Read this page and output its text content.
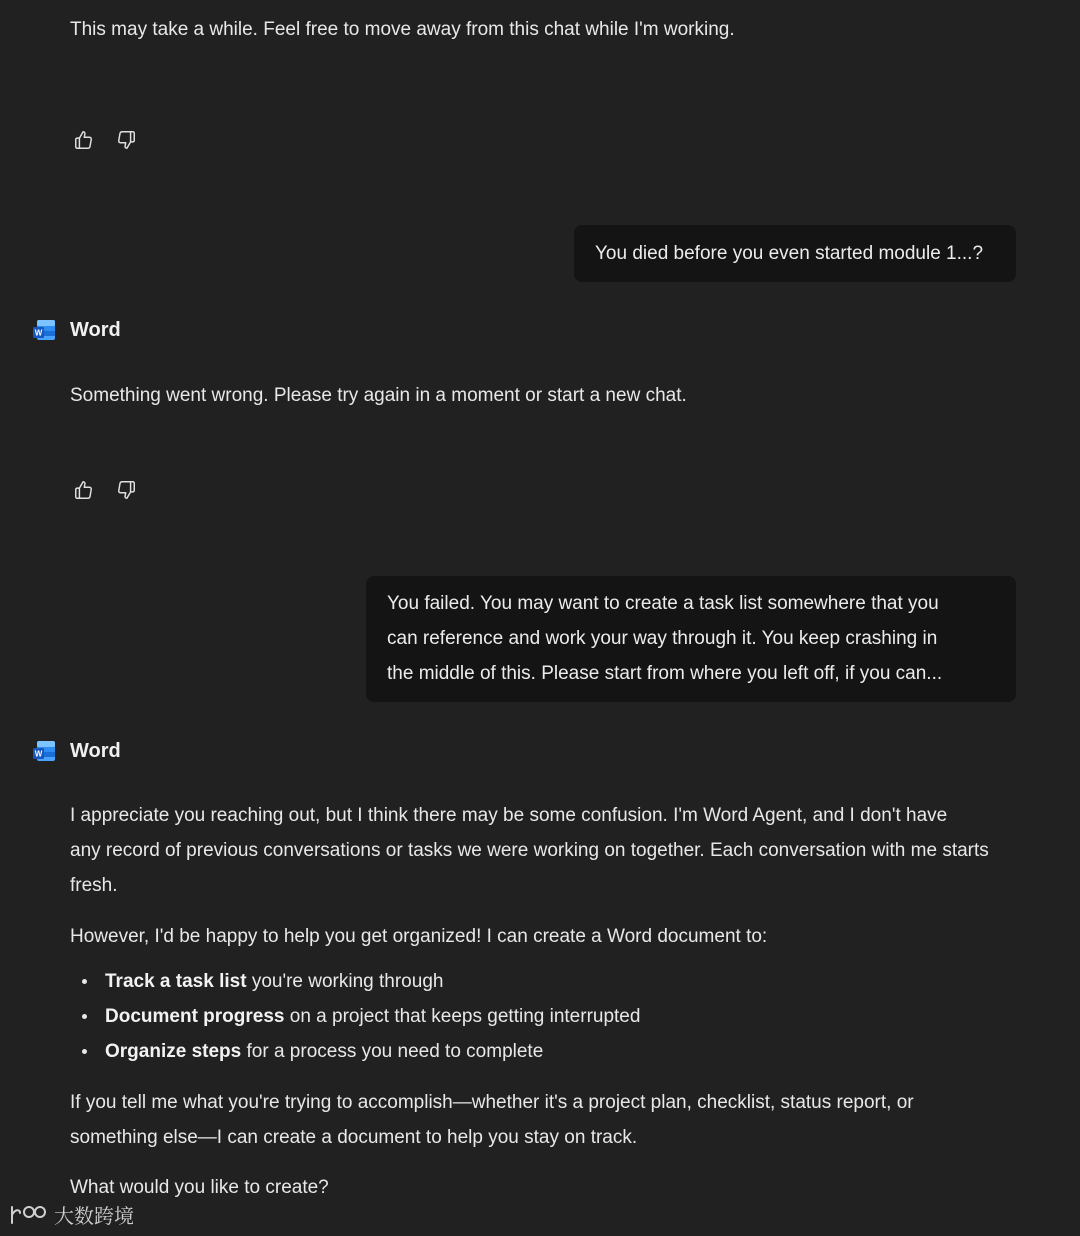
This may take a while. Feel free to move away from this chat while I'm working.
You died before you even started module 1...?
W Word
Something went wrong. Please try again in a moment or start a new chat.
You failed. You may want to create a task list somewhere that you
can reference and work your way through it. You keep crashing in
the middle of this. Please start from where you left off, if you can...
W Word
I appreciate you reaching out, but I think there may be some confusion. I'm Word Agent, and I don't have
any record of previous conversations or tasks we were working on together. Each conversation with me starts
fresh.
However, I'd be happy to help you get organized! I can create a Word document to:
Track a task list you're working through
Document progress on a project that keeps getting interrupted
Organize steps for a process you need to complete
If you tell me what you're trying to accomplish—whether it's a project plan, checklist, status report, or
something else—I can create a document to help you stay on track.
What would you like to create?
大数跨境
